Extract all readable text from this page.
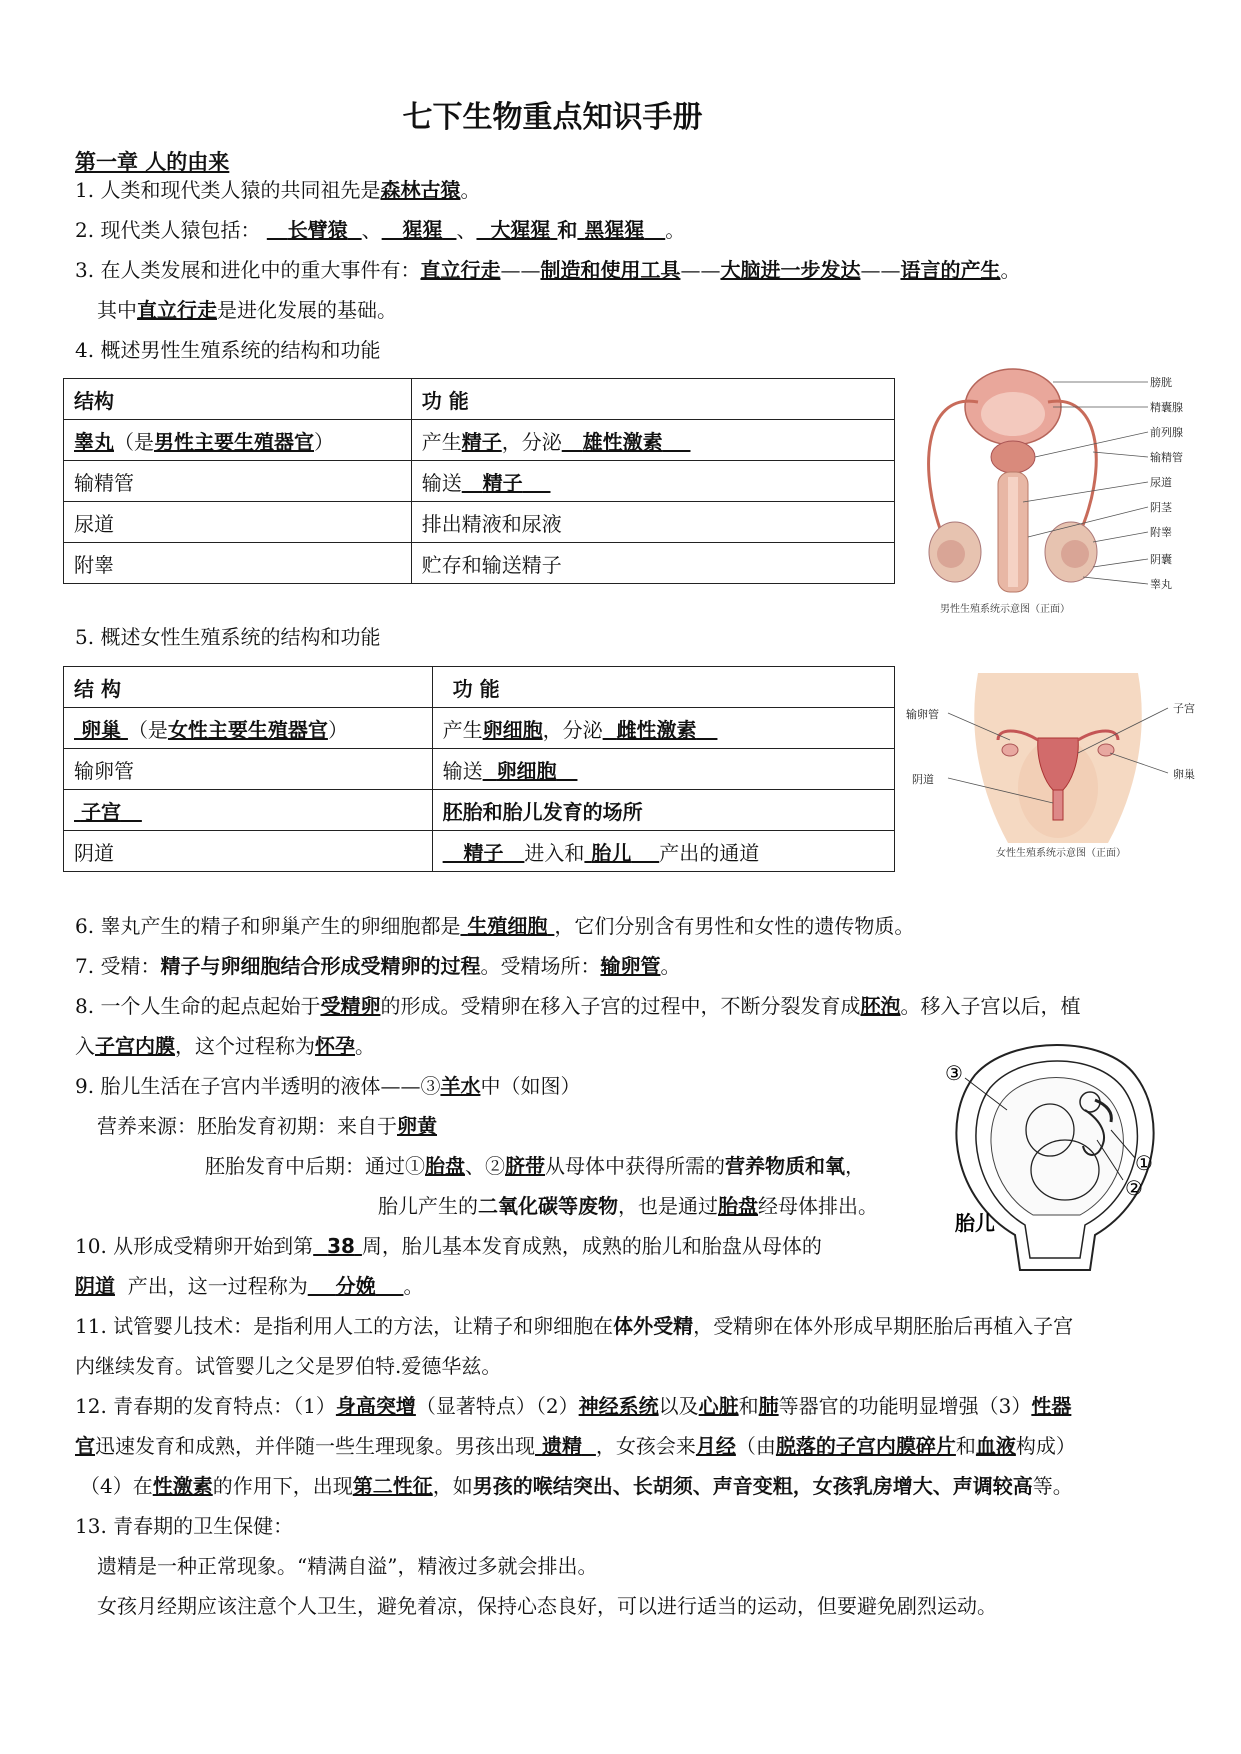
七下生物重点知识手册
第一章 人的由来
1. 人类和现代类人猿的共同祖先是森林古猿。
2. 现代类人猿包括： 长臂猿 、 猩猩 、 大猩猩 和 黑猩猩 。
3. 在人类发展和进化中的重大事件有：直立行走——制造和使用工具——大脑进一步发达——语言的产生。
其中直立行走是进化发展的基础。
4. 概述男性生殖系统的结构和功能
结构	功 能
睾丸（是男性主要生殖器官）	产生精子，分泌 雄性激素
输精管	输送 精子
尿道	排出精液和尿液
附睾	贮存和输送精子
膀胱
精囊腺
前列腺
输精管
尿道
阴茎
附睾
阴囊
睾丸
男性生殖系统示意图（正面）
5. 概述女性生殖系统的结构和功能
结 构	功 能
卵巢 （是女性主要生殖器官）	产生卵细胞，分泌 雌性激素
输卵管	输送 卵细胞
子宫	胚胎和胎儿发育的场所
阴道	精子 进入和 胎儿 产出的通道
输卵管
阴道
子宫
卵巢
女性生殖系统示意图（正面）
6. 睾丸产生的精子和卵巢产生的卵细胞都是 生殖细胞 ，它们分别含有男性和女性的遗传物质。
7. 受精：精子与卵细胞结合形成受精卵的过程。受精场所：输卵管。
8. 一个人生命的起点起始于受精卵的形成。受精卵在移入子宫的过程中，不断分裂发育成胚泡。移入子宫以后，植
入子宫内膜，这个过程称为怀孕。
9. 胎儿生活在子宫内半透明的液体——③羊水中（如图）
营养来源：胚胎发育初期：来自于卵黄
胚胎发育中后期：通过①胎盘、②脐带从母体中获得所需的营养物质和氧，
胎儿产生的二氧化碳等废物，也是通过胎盘经母体排出。
③
①
②
胎儿
10. 从形成受精卵开始到第 38 周，胎儿基本发育成熟，成熟的胎儿和胎盘从母体的
阴道 产出，这一过程称为 分娩 。
11. 试管婴儿技术：是指利用人工的方法，让精子和卵细胞在体外受精，受精卵在体外形成早期胚胎后再植入子宫
内继续发育。试管婴儿之父是罗伯特.爱德华兹。
12. 青春期的发育特点：（1）身高突增（显著特点）（2）神经系统以及心脏和肺等器官的功能明显增强（3）性器
官迅速发育和成熟，并伴随一些生理现象。男孩出现 遗精 ，女孩会来月经（由脱落的子宫内膜碎片和血液构成）
（4）在性激素的作用下，出现第二性征，如男孩的喉结突出、长胡须、声音变粗，女孩乳房增大、声调较高等。
13. 青春期的卫生保健：
遗精是一种正常现象。“精满自溢”，精液过多就会排出。
女孩月经期应该注意个人卫生，避免着凉，保持心态良好，可以进行适当的运动，但要避免剧烈运动。
